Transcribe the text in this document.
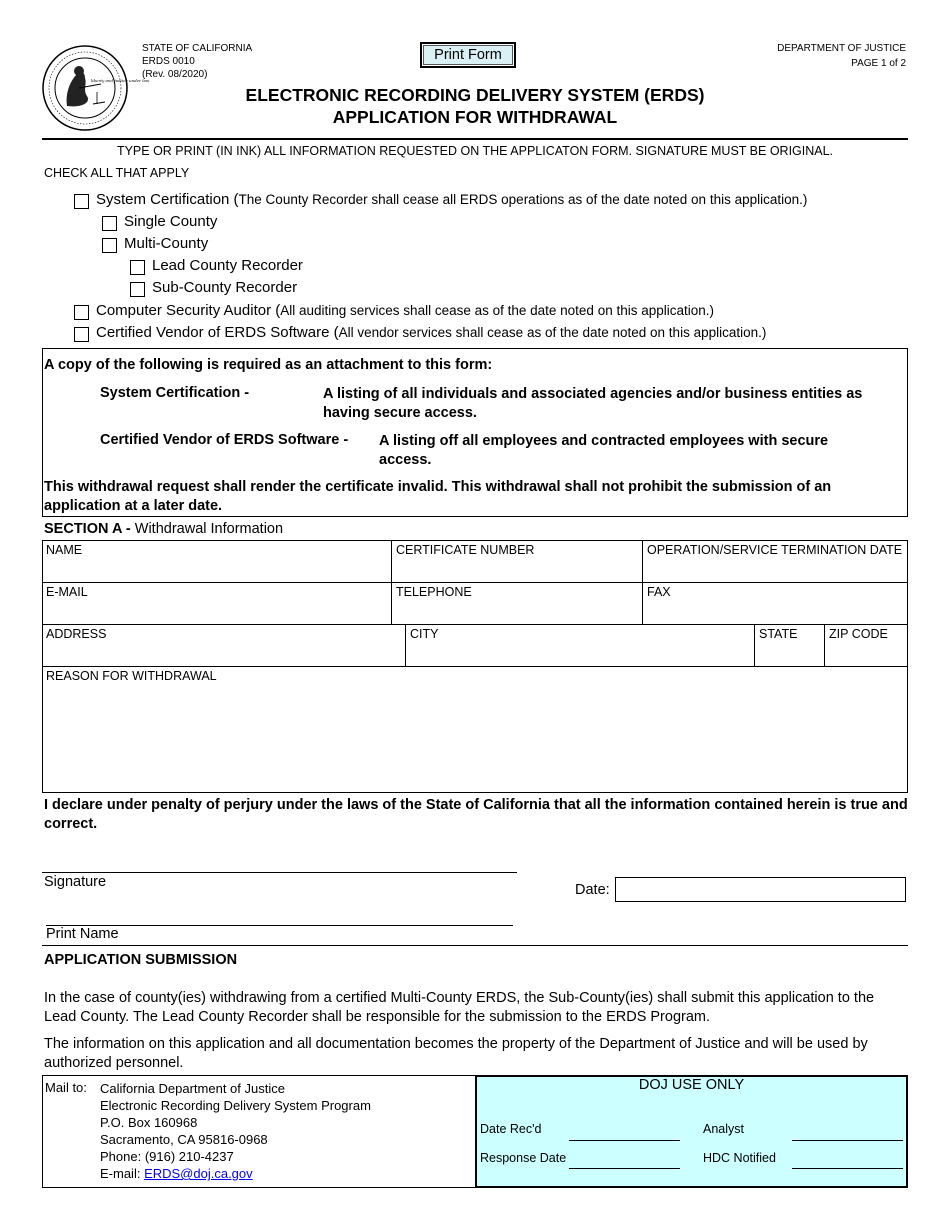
liberty and justice under law
STATE OF CALIFORNIA
ERDS 0010
(Rev. 08/2020)
Print Form	DEPARTMENT OF JUSTICE
PAGE 1 of 2
ELECTRONIC RECORDING DELIVERY SYSTEM (ERDS)
APPLICATION FOR WITHDRAWAL
TYPE OR PRINT (IN INK) ALL INFORMATION REQUESTED ON THE APPLICATON FORM. SIGNATURE MUST BE ORIGINAL.
CHECK ALL THAT APPLY
System Certification (The County Recorder shall cease all ERDS operations as of the date noted on this application.)
Single County
Multi-County
Lead County Recorder
Sub-County Recorder
Computer Security Auditor (All auditing services shall cease as of the date noted on this application.)
Certified Vendor of ERDS Software (All vendor services shall cease as of the date noted on this application.)
A copy of the following is required as an attachment to this form:
System Certification -	A listing of all individuals and associated agencies and/or business entities as having secure access.
Certified Vendor of ERDS Software - A listing off all employees and contracted employees with secure access.
This withdrawal request shall render the certificate invalid. This withdrawal shall not prohibit the submission of an application at a later date.
SECTION A - Withdrawal Information
NAME	CERTIFICATE NUMBER	OPERATION/SERVICE TERMINATION DATE
E-MAIL	TELEPHONE	FAX
ADDRESS	CITY	STATE	ZIP CODE
REASON FOR WITHDRAWAL
I declare under penalty of perjury under the laws of the State of California that all the information contained herein is true and correct.
Signature	Date:
Print Name
APPLICATION SUBMISSION
In the case of county(ies) withdrawing from a certified Multi-County ERDS, the Sub-County(ies) shall submit this application to the Lead County. The Lead County Recorder shall be responsible for the submission to the ERDS Program.
The information on this application and all documentation becomes the property of the Department of Justice and will be used by authorized personnel.
Mail to: California Department of Justice
Electronic Recording Delivery System Program
P.O. Box 160968
Sacramento, CA 95816-0968
Phone: (916) 210-4237
E-mail: ERDS@doj.ca.gov
DOJ USE ONLY
Date Rec'd	Analyst
Response Date	HDC Notified
